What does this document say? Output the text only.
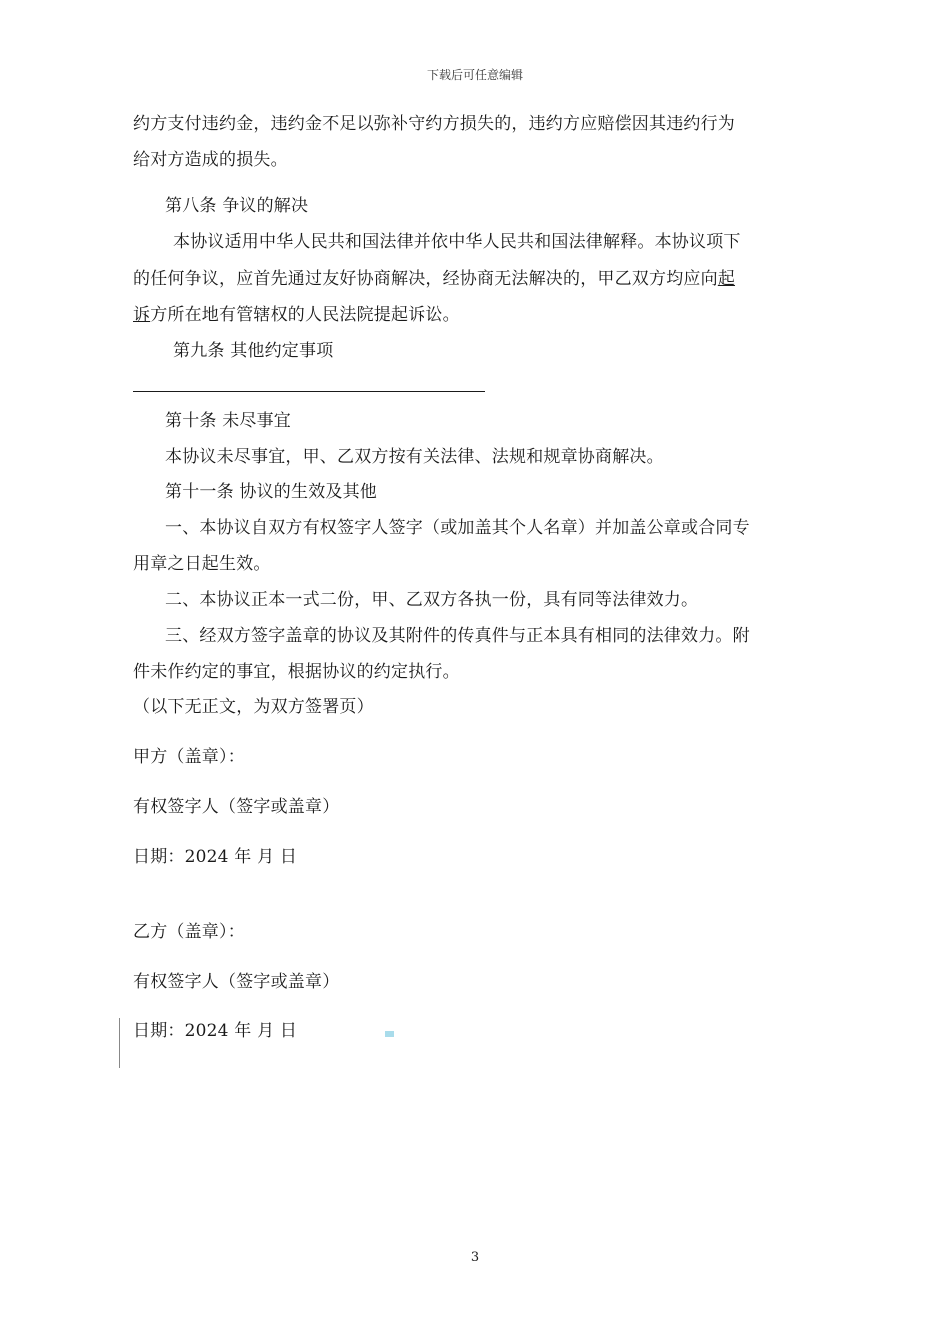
下载后可任意编辑
约方支付违约金，违约金不足以弥补守约方损失的，违约方应赔偿因其违约行为
给对方造成的损失。
第八条 争议的解决
本协议适用中华人民共和国法律并依中华人民共和国法律解释。本协议项下
的任何争议，应首先通过友好协商解决，经协商无法解决的，甲乙双方均应向起
诉方所在地有管辖权的人民法院提起诉讼。
第九条 其他约定事项
第十条 未尽事宜
本协议未尽事宜，甲、乙双方按有关法律、法规和规章协商解决。
第十一条 协议的生效及其他
一、本协议自双方有权签字人签字（或加盖其个人名章）并加盖公章或合同专
用章之日起生效。
二、本协议正本一式二份，甲、乙双方各执一份，具有同等法律效力。
三、经双方签字盖章的协议及其附件的传真件与正本具有相同的法律效力。附
件未作约定的事宜，根据协议的约定执行。
（以下无正文，为双方签署页）
甲方（盖章）：
有权签字人（签字或盖章）
日期：2024 年 月 日
乙方（盖章）：
有权签字人（签字或盖章）
日期：2024 年 月 日
3
